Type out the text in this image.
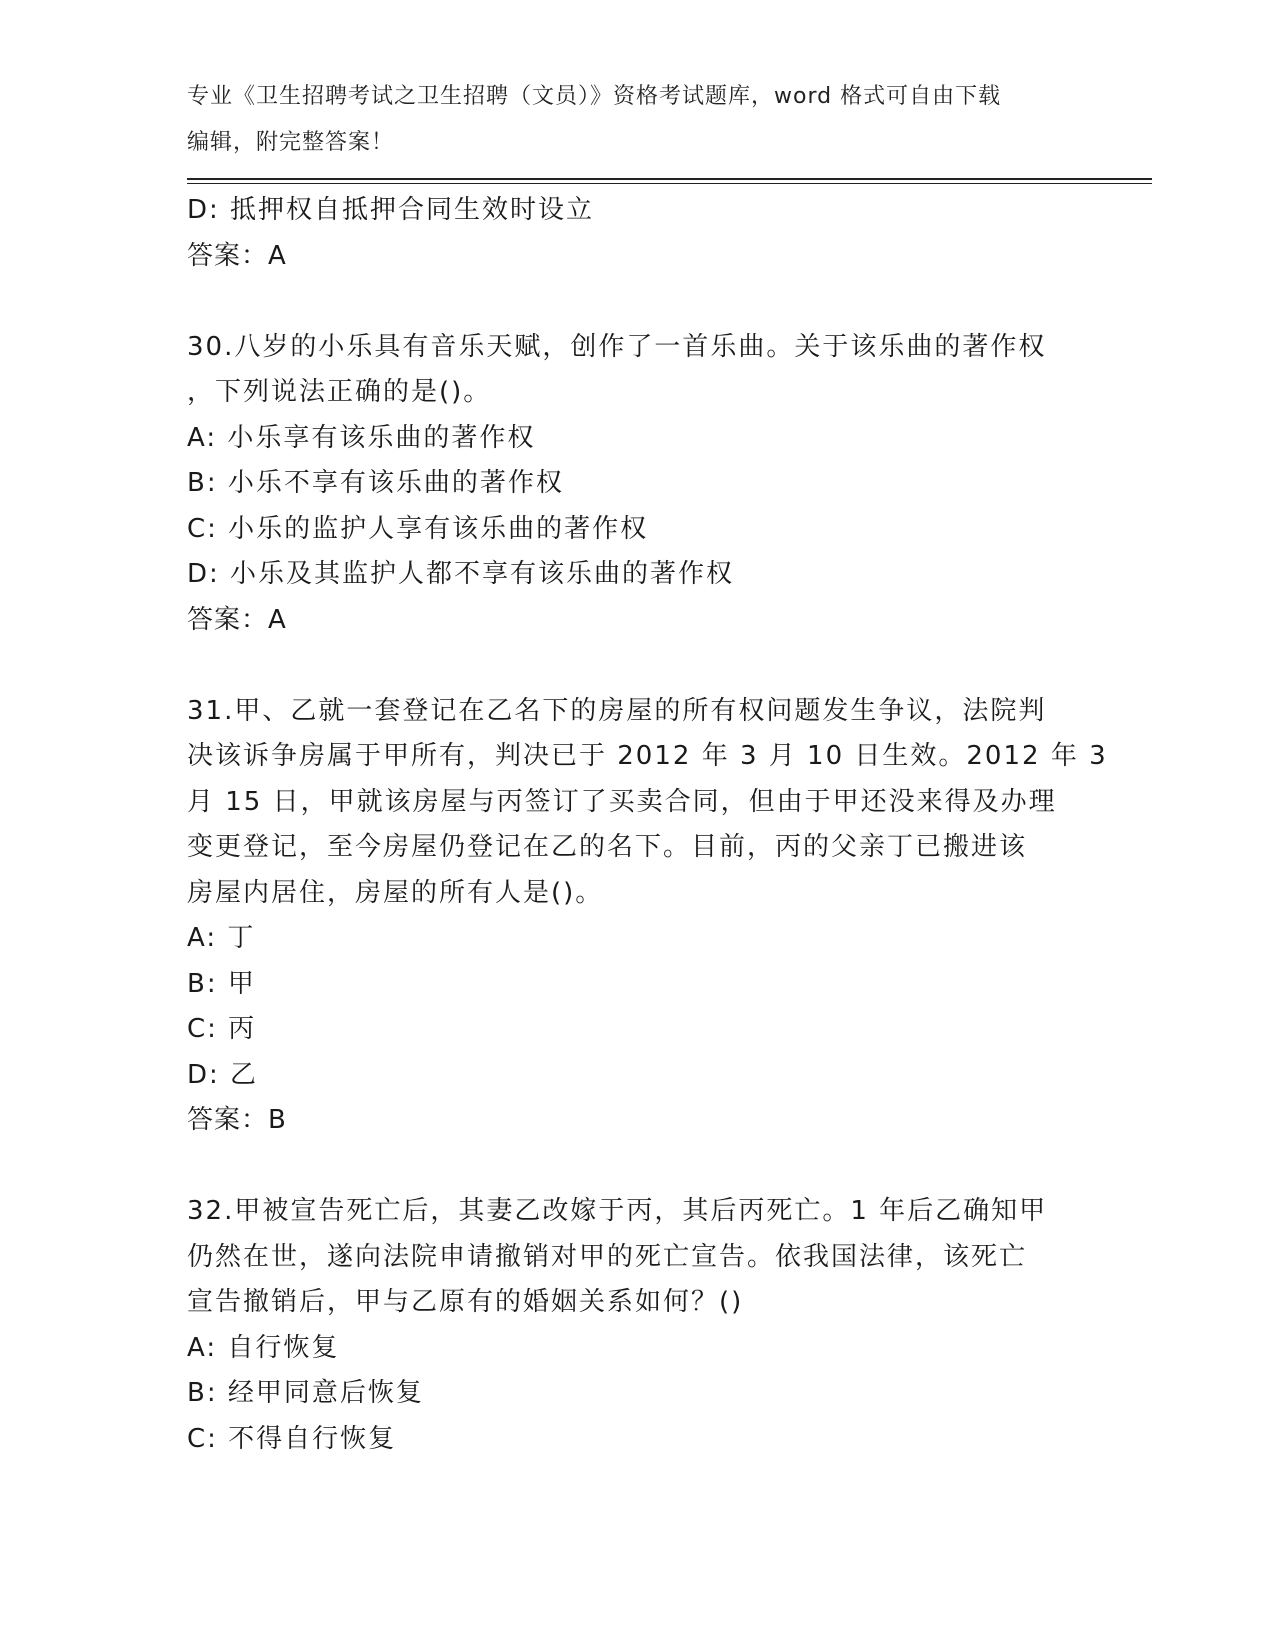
专业《卫生招聘考试之卫生招聘（文员）》资格考试题库，word 格式可自由下载
编辑，附完整答案！
D: 抵押权自抵押合同生效时设立
答案：A
30.八岁的小乐具有音乐天赋，创作了一首乐曲。关于该乐曲的著作权
，下列说法正确的是()。
A: 小乐享有该乐曲的著作权
B: 小乐不享有该乐曲的著作权
C: 小乐的监护人享有该乐曲的著作权
D: 小乐及其监护人都不享有该乐曲的著作权
答案：A
31.甲、乙就一套登记在乙名下的房屋的所有权问题发生争议，法院判
决该诉争房属于甲所有，判决已于 2012 年 3 月 10 日生效。2012 年 3
月 15 日，甲就该房屋与丙签订了买卖合同，但由于甲还没来得及办理
变更登记，至今房屋仍登记在乙的名下。目前，丙的父亲丁已搬进该
房屋内居住，房屋的所有人是()。
A: 丁
B: 甲
C: 丙
D: 乙
答案：B
32.甲被宣告死亡后，其妻乙改嫁于丙，其后丙死亡。1 年后乙确知甲
仍然在世，遂向法院申请撤销对甲的死亡宣告。依我国法律，该死亡
宣告撤销后，甲与乙原有的婚姻关系如何？()
A: 自行恢复
B: 经甲同意后恢复
C: 不得自行恢复
